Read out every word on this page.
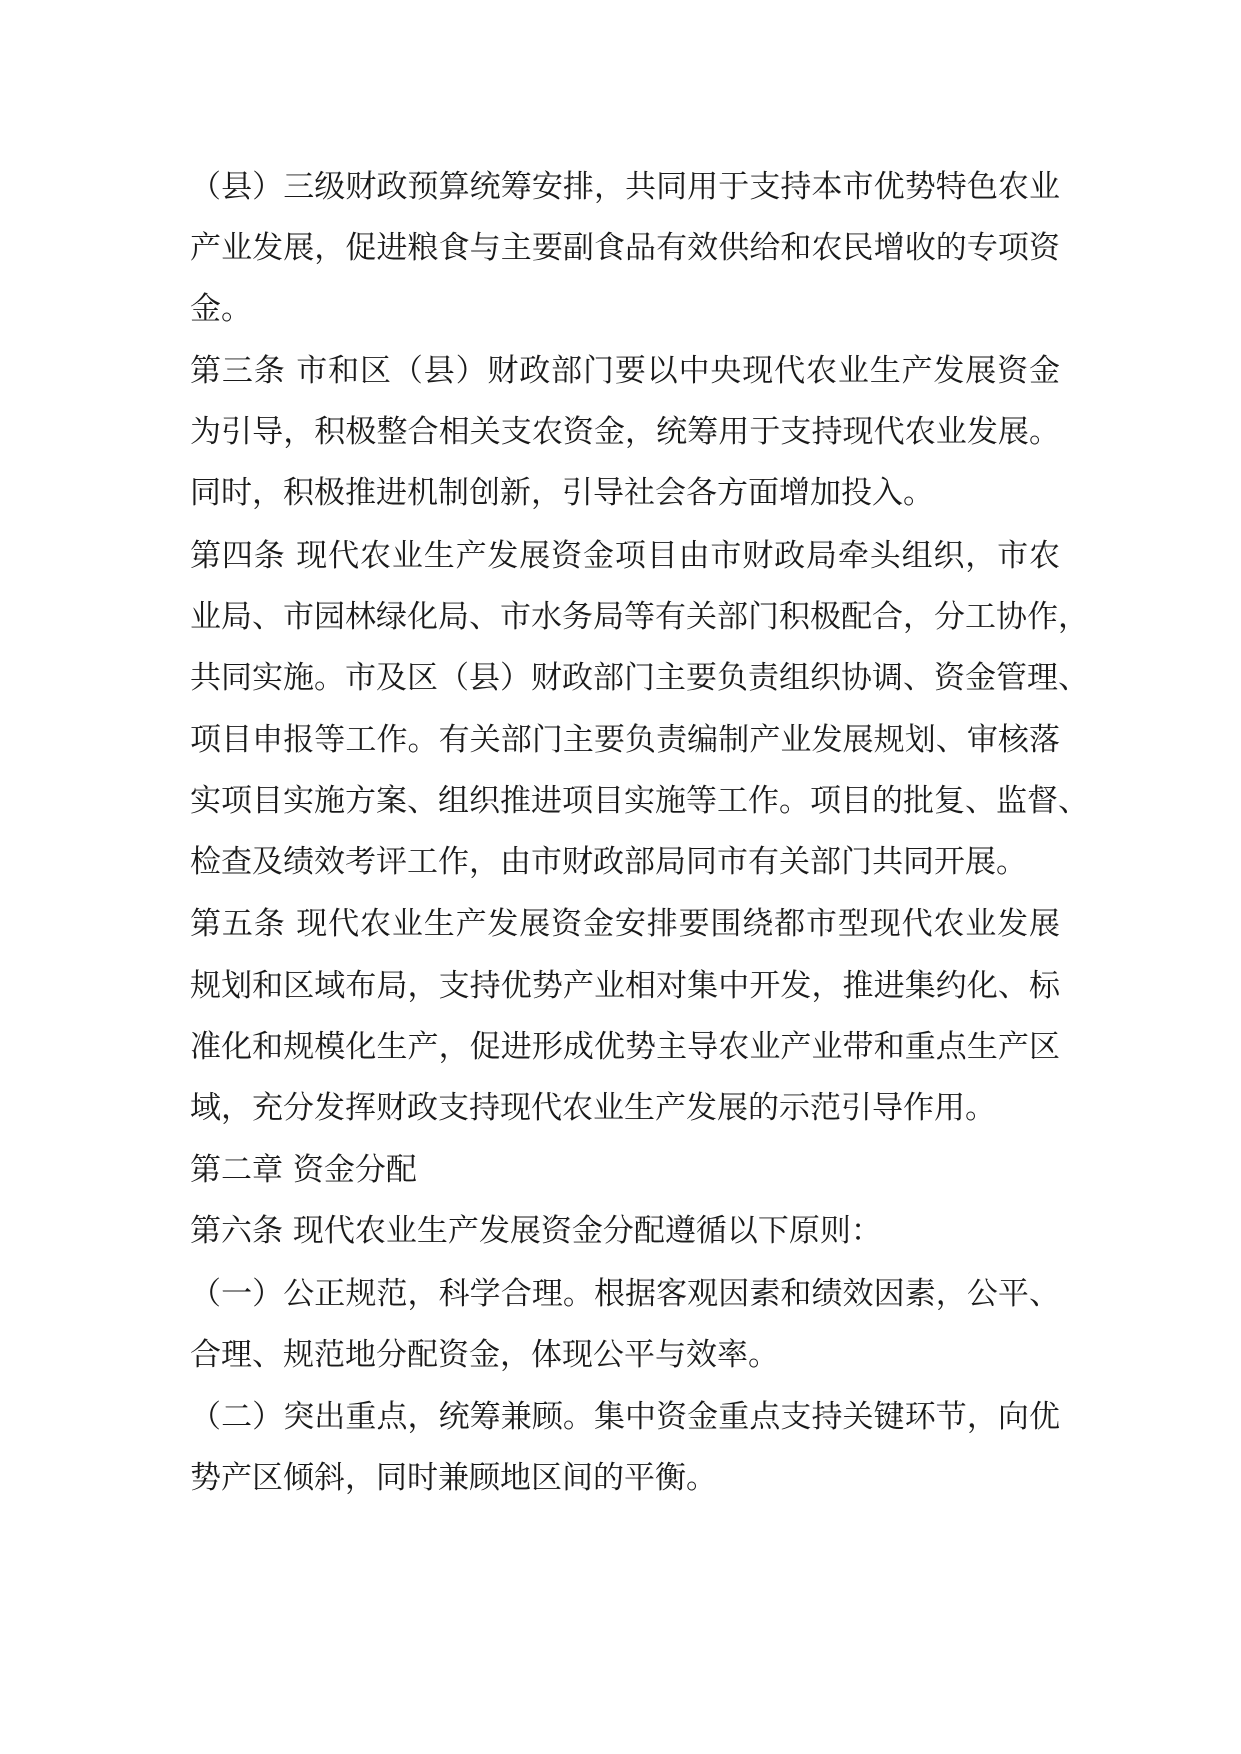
（县）三级财政预算统筹安排，共同用于支持本市优势特色农业
产业发展，促进粮食与主要副食品有效供给和农民增收的专项资
金。
第三条 市和区（县）财政部门要以中央现代农业生产发展资金
为引导，积极整合相关支农资金，统筹用于支持现代农业发展。
同时，积极推进机制创新，引导社会各方面增加投入。
第四条 现代农业生产发展资金项目由市财政局牵头组织，市农
业局、市园林绿化局、市水务局等有关部门积极配合，分工协作，
共同实施。市及区（县）财政部门主要负责组织协调、资金管理、
项目申报等工作。有关部门主要负责编制产业发展规划、审核落
实项目实施方案、组织推进项目实施等工作。项目的批复、监督、
检查及绩效考评工作，由市财政部局同市有关部门共同开展。
第五条 现代农业生产发展资金安排要围绕都市型现代农业发展
规划和区域布局，支持优势产业相对集中开发，推进集约化、标
准化和规模化生产，促进形成优势主导农业产业带和重点生产区
域，充分发挥财政支持现代农业生产发展的示范引导作用。
第二章 资金分配
第六条 现代农业生产发展资金分配遵循以下原则：
（一）公正规范，科学合理。根据客观因素和绩效因素，公平、
合理、规范地分配资金，体现公平与效率。
（二）突出重点，统筹兼顾。集中资金重点支持关键环节，向优
势产区倾斜，同时兼顾地区间的平衡。
